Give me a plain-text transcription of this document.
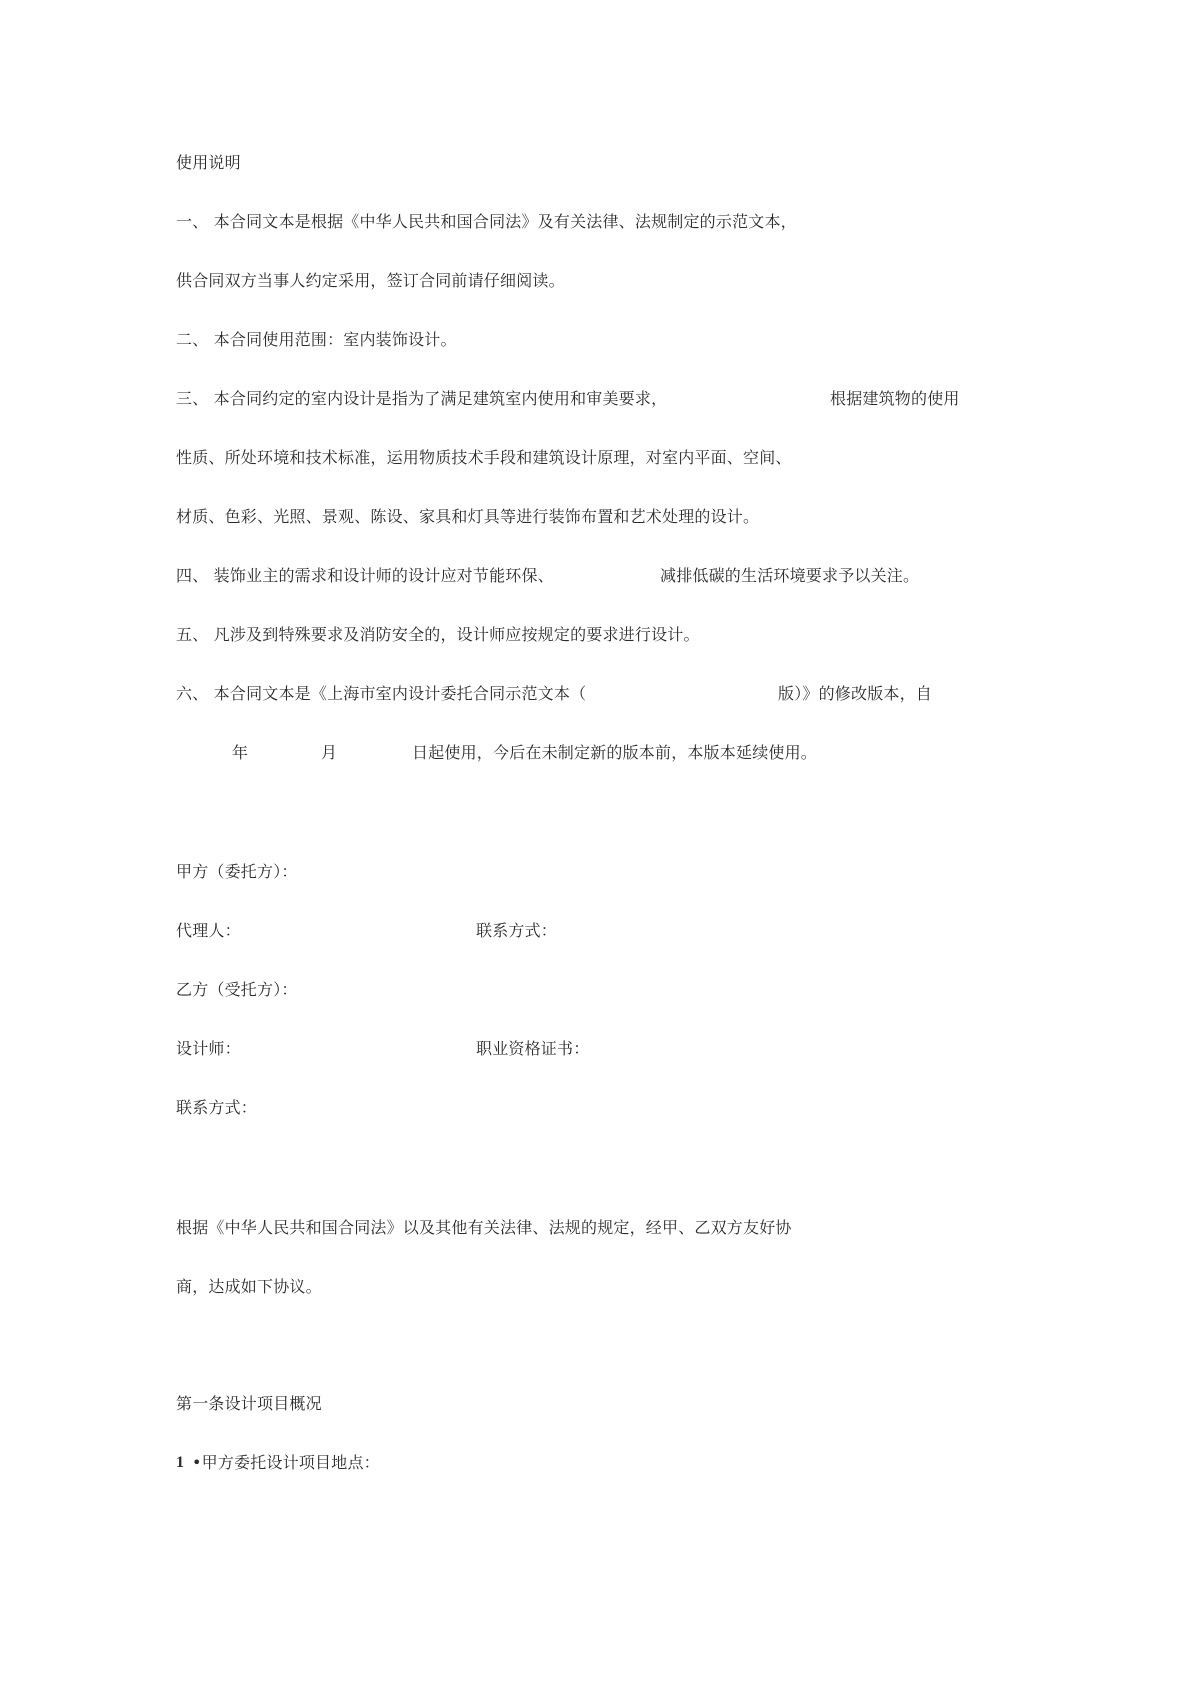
使用说明
一、 本合同文本是根据《中华人民共和国合同法》及有关法律、法规制定的示范文本，
供合同双方当事人约定采用，签订合同前请仔细阅读。
二、 本合同使用范围：室内装饰设计。
三、 本合同约定的室内设计是指为了满足建筑室内使用和审美要求，	根据建筑物的使用
性质、所处环境和技术标准，运用物质技术手段和建筑设计原理，对室内平面、空间、
材质、色彩、光照、景观、陈设、家具和灯具等进行装饰布置和艺术处理的设计。
四、 装饰业主的需求和设计师的设计应对节能环保、	减排低碳的生活环境要求予以关注。
五、 凡涉及到特殊要求及消防安全的，设计师应按规定的要求进行设计。
六、 本合同文本是《上海市室内设计委托合同示范文本（	版）》的修改版本，自
年	月	日起使用，今后在未制定新的版本前，本版本延续使用。
甲方（委托方）：
代理人：	联系方式：
乙方（受托方）：
设计师：	职业资格证书：
联系方式：
根据《中华人民共和国合同法》以及其他有关法律、法规的规定，经甲、乙双方友好协
商，达成如下协议。
第一条设计项目概况
1 •甲方委托设计项目地点：
